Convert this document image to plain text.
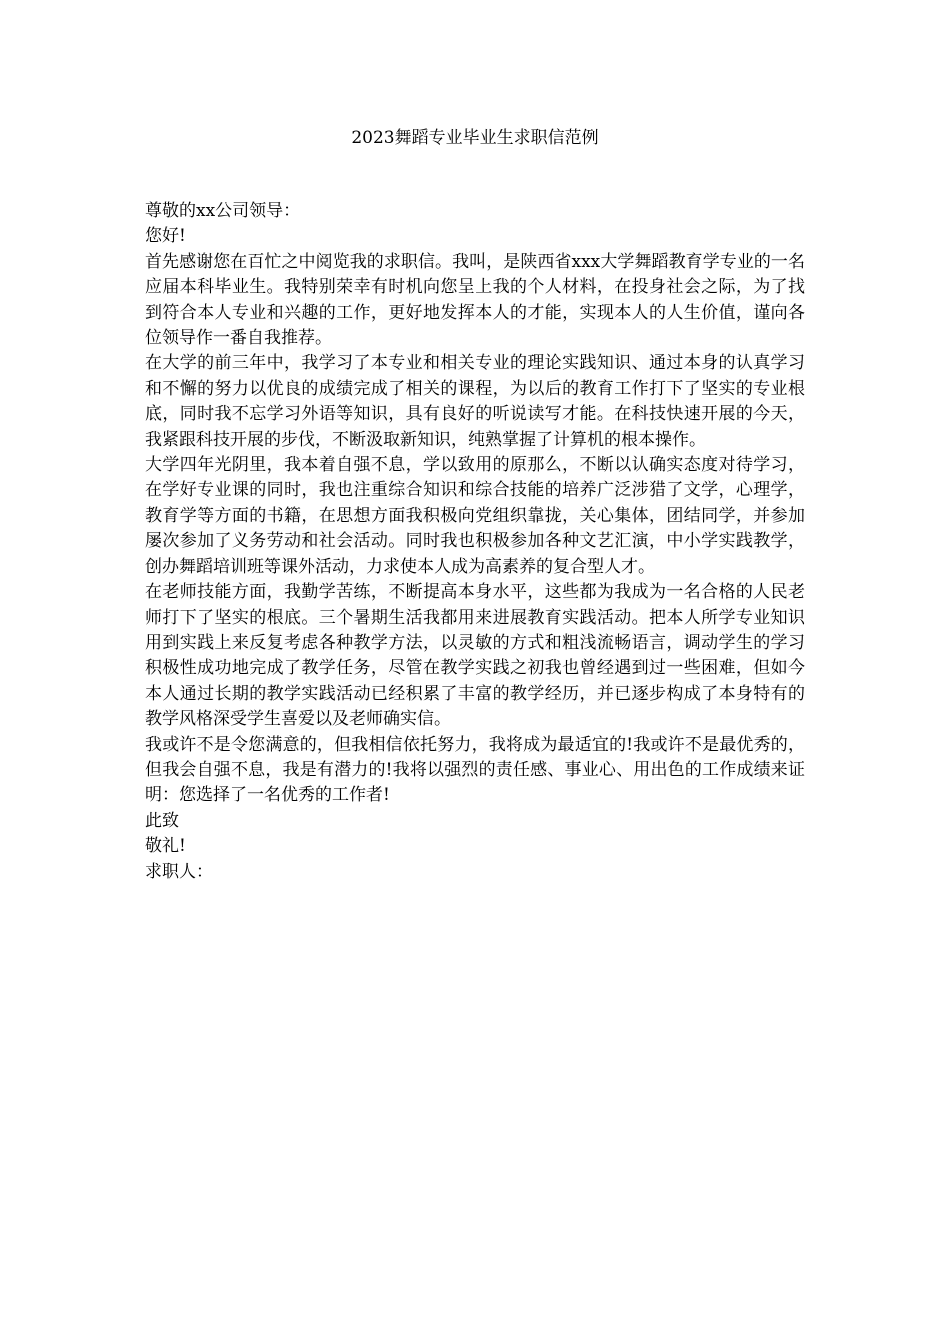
2023舞蹈专业毕业生求职信范例

尊敬的xx公司领导：

您好!

首先感谢您在百忙之中阅览我的求职信。我叫，是陕西省xxx大学舞蹈教育学专业的一名应届本科毕业生。我特别荣幸有时机向您呈上我的个人材料，在投身社会之际，为了找到符合本人专业和兴趣的工作，更好地发挥本人的才能，实现本人的人生价值，谨向各位领导作一番自我推荐。

在大学的前三年中，我学习了本专业和相关专业的理论实践知识、通过本身的认真学习和不懈的努力以优良的成绩完成了相关的课程，为以后的教育工作打下了坚实的专业根底，同时我不忘学习外语等知识，具有良好的听说读写才能。在科技快速开展的今天，我紧跟科技开展的步伐，不断汲取新知识，纯熟掌握了计算机的根本操作。

大学四年光阴里，我本着自强不息，学以致用的原那么，不断以认确实态度对待学习，在学好专业课的同时，我也注重综合知识和综合技能的培养广泛涉猎了文学，心理学，教育学等方面的书籍，在思想方面我积极向党组织靠拢，关心集体，团结同学，并参加屡次参加了义务劳动和社会活动。同时我也积极参加各种文艺汇演，中小学实践教学，创办舞蹈培训班等课外活动，力求使本人成为高素养的复合型人才。

在老师技能方面，我勤学苦练，不断提高本身水平，这些都为我成为一名合格的人民老师打下了坚实的根底。三个暑期生活我都用来进展教育实践活动。把本人所学专业知识用到实践上来反复考虑各种教学方法，以灵敏的方式和粗浅流畅语言，调动学生的学习积极性成功地完成了教学任务，尽管在教学实践之初我也曾经遇到过一些困难，但如今本人通过长期的教学实践活动已经积累了丰富的教学经历，并已逐步构成了本身特有的教学风格深受学生喜爱以及老师确实信。

我或许不是令您满意的，但我相信依托努力，我将成为最适宜的!我或许不是最优秀的，但我会自强不息，我是有潜力的!我将以强烈的责任感、事业心、用出色的工作成绩来证明：您选择了一名优秀的工作者!

此致

敬礼!

求职人：
